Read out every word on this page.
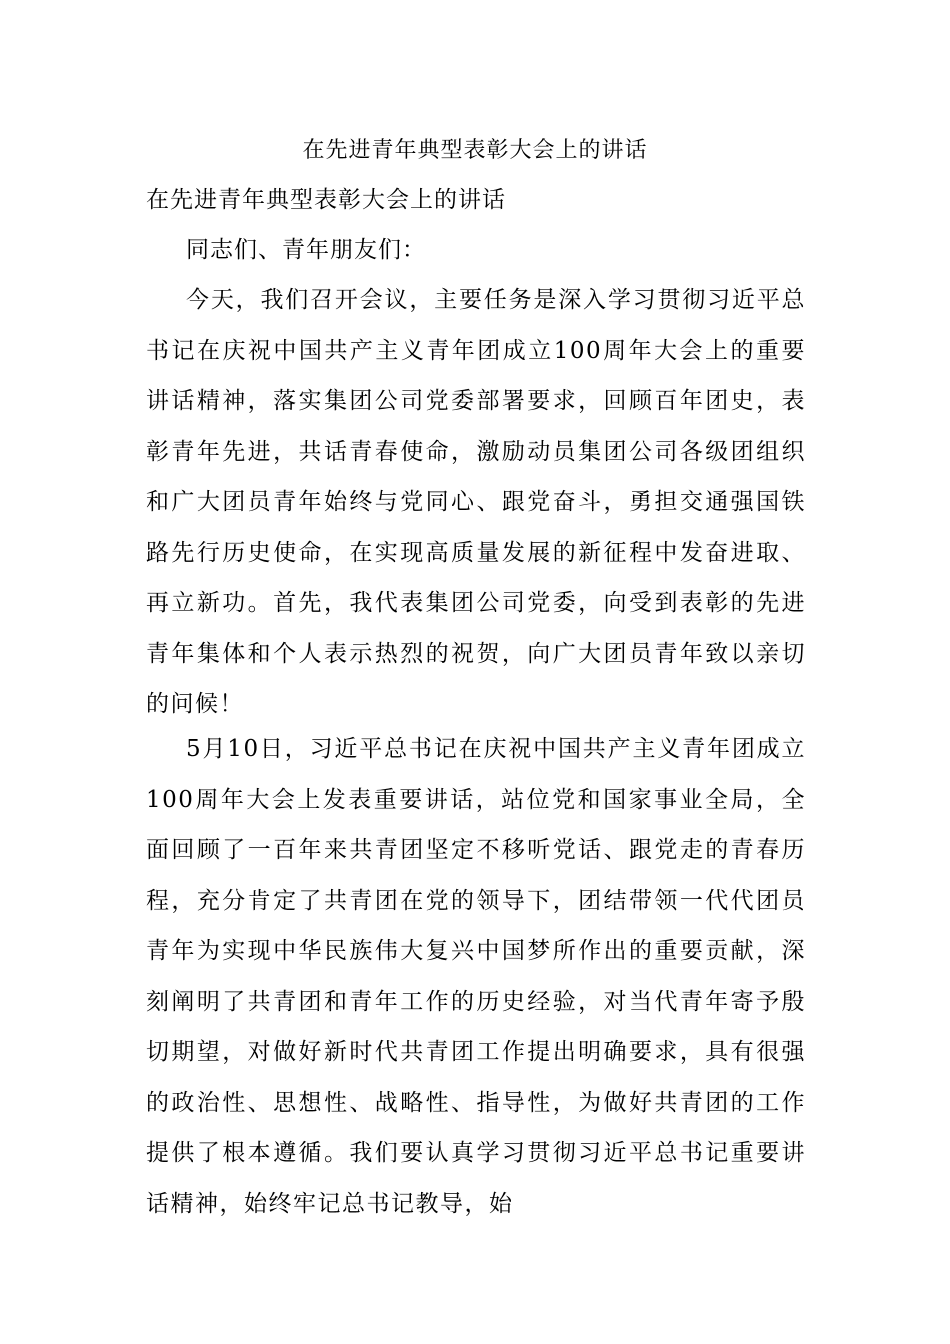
在先进青年典型表彰大会上的讲话
在先进青年典型表彰大会上的讲话
同志们、青年朋友们：

今天，我们召开会议，主要任务是深入学习贯彻习近平总书记在庆祝中国共产主义青年团成立100周年大会上的重要讲话精神，落实集团公司党委部署要求，回顾百年团史，表彰青年先进，共话青春使命，激励动员集团公司各级团组织和广大团员青年始终与党同心、跟党奋斗，勇担交通强国铁路先行历史使命，在实现高质量发展的新征程中发奋进取、再立新功。首先，我代表集团公司党委，向受到表彰的先进青年集体和个人表示热烈的祝贺，向广大团员青年致以亲切的问候！

5月10日，习近平总书记在庆祝中国共产主义青年团成立100周年大会上发表重要讲话，站位党和国家事业全局，全面回顾了一百年来共青团坚定不移听党话、跟党走的青春历程，充分肯定了共青团在党的领导下，团结带领一代代团员青年为实现中华民族伟大复兴中国梦所作出的重要贡献，深刻阐明了共青团和青年工作的历史经验，对当代青年寄予殷切期望，对做好新时代共青团工作提出明确要求，具有很强的政治性、思想性、战略性、指导性，为做好共青团的工作提供了根本遵循。我们要认真学习贯彻习近平总书记重要讲话精神，始终牢记总书记教导，始
